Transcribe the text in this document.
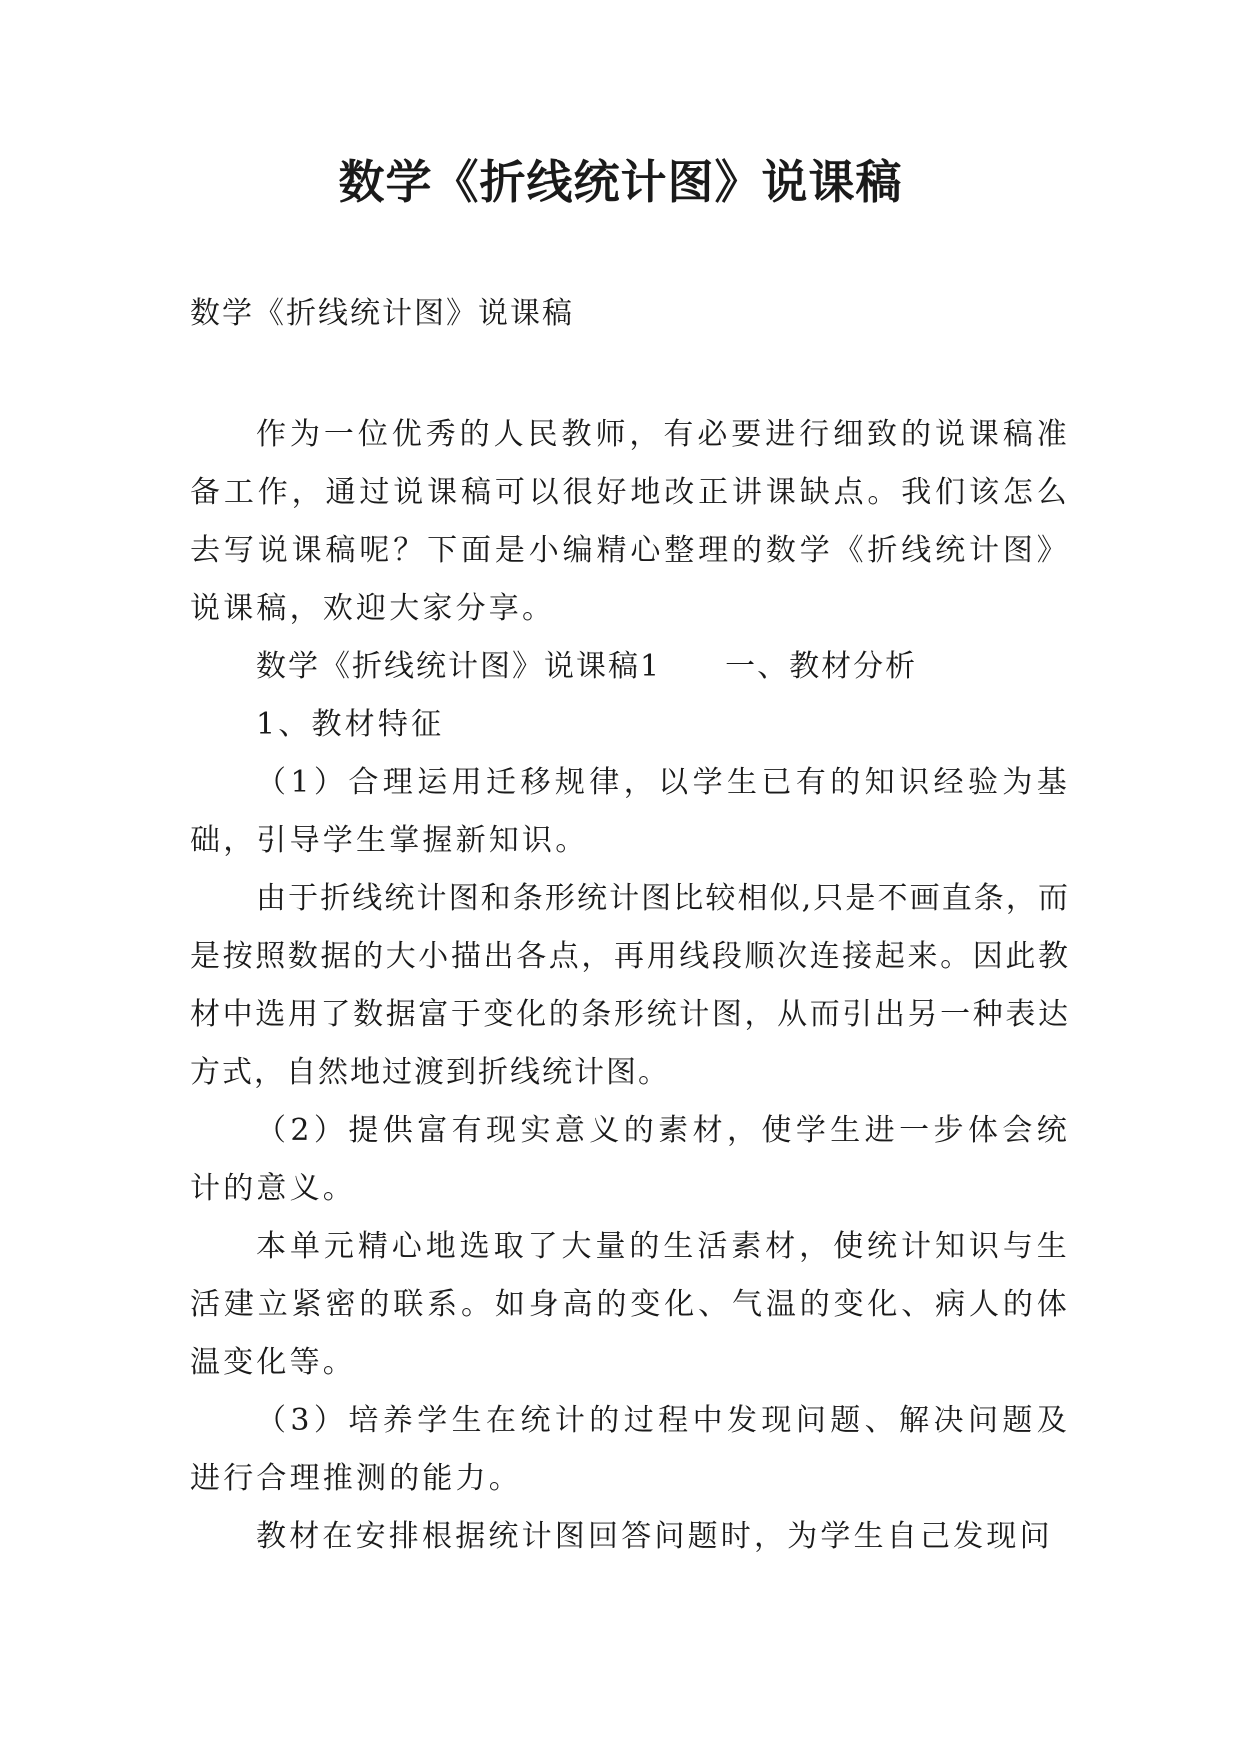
数学《折线统计图》说课稿

数学《折线统计图》说课稿

作为一位优秀的人民教师，有必要进行细致的说课稿准备工作，通过说课稿可以很好地改正讲课缺点。我们该怎么去写说课稿呢？下面是小编精心整理的数学《折线统计图》说课稿，欢迎大家分享。

数学《折线统计图》说课稿1　　一、教材分析

1、教材特征

（1）合理运用迁移规律，以学生已有的知识经验为基础，引导学生掌握新知识。

由于折线统计图和条形统计图比较相似,只是不画直条，而是按照数据的大小描出各点，再用线段顺次连接起来。因此教材中选用了数据富于变化的条形统计图，从而引出另一种表达方式，自然地过渡到折线统计图。

（2）提供富有现实意义的素材，使学生进一步体会统计的意义。

本单元精心地选取了大量的生活素材，使统计知识与生活建立紧密的联系。如身高的变化、气温的变化、病人的体温变化等。

（3）培养学生在统计的过程中发现问题、解决问题及进行合理推测的能力。

教材在安排根据统计图回答问题时，为学生自己发现问
